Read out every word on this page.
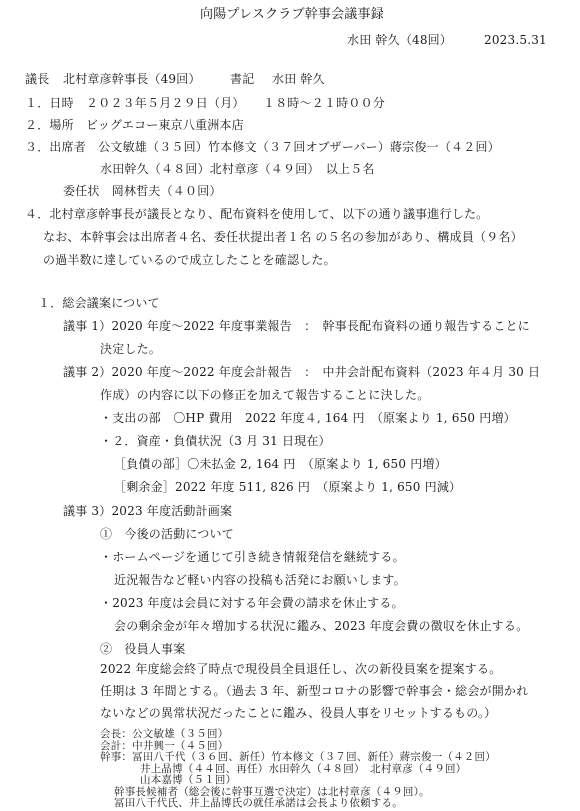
向陽プレスクラブ幹事会議事録
水田 幹久（48回）	2023.5.31
議長 北村章彦幹事長（49回） 書記 水田 幹久
１．日時　２０２３年５月２９日（月）　　１８時～２１時００分
２．場所　ビッグエコー東京八重洲本店
３．出席者　公文敏雄（３５回）竹本修文（３７回オブザーバー）蔣宗俊一（４２回）
水田幹久（４８回）北村章彦（４９回）　以上５名
委任状　岡林哲夫（４０回）
４．北村章彦幹事長が議長となり、配布資料を使用して、以下の通り議事進行した。
なお、本幹事会は出席者４名、委任状提出者１名 の５名の参加があり、構成員（９名）
の過半数に達しているので成立したことを確認した。
１．総会議案について
議事 1）2020 年度～2022 年度事業報告　：　幹事長配布資料の通り報告することに
決定した。
議事 2）2020 年度～2022 年度会計報告　：　中井会計配布資料（2023 年４月 30 日
作成）の内容に以下の修正を加えて報告することに決した。
・支出の部　〇HP 費用　2022 年度４, 164 円　（原案より 1, 650 円増）
・２．資産・負債状況（3 月 31 日現在）
［負債の部］〇未払金 2, 164 円　（原案より 1, 650 円増）
［剰余金］2022 年度 511, 826 円　（原案より 1, 650 円減）
議事 3）2023 年度活動計画案
①　今後の活動について
・ホームページを通じて引き続き情報発信を継続する。
近況報告など軽い内容の投稿も活発にお願いします。
・2023 年度は会員に対する年会費の請求を休止する。
会の剰余金が年々増加する状況に鑑み、2023 年度会費の徴収を休止する。
②　役員人事案
2022 年度総会終了時点で現役員全員退任し、次の新役員案を提案する。
任期は 3 年間とする。（過去 3 年、新型コロナの影響で幹事会・総会が開かれ
ないなどの異常状況だったことに鑑み、役員人事をリセットするもの。）
会長：公文敏雄（３５回）
会計：中井興一（４５回）
幹事：冨田八千代（３６回、新任）竹本修文（３７回、新任）蔣宗俊一（４２回）
井上晶博（４４回、再任）水田幹久（４８回）　北村章彦（４９回）
山本嘉博（５１回）
幹事長候補者（総会後に幹事互選で決定）は北村章彦（４９回）。
冨田八千代氏、井上晶博氏の就任承諾は会長より依頼する。
